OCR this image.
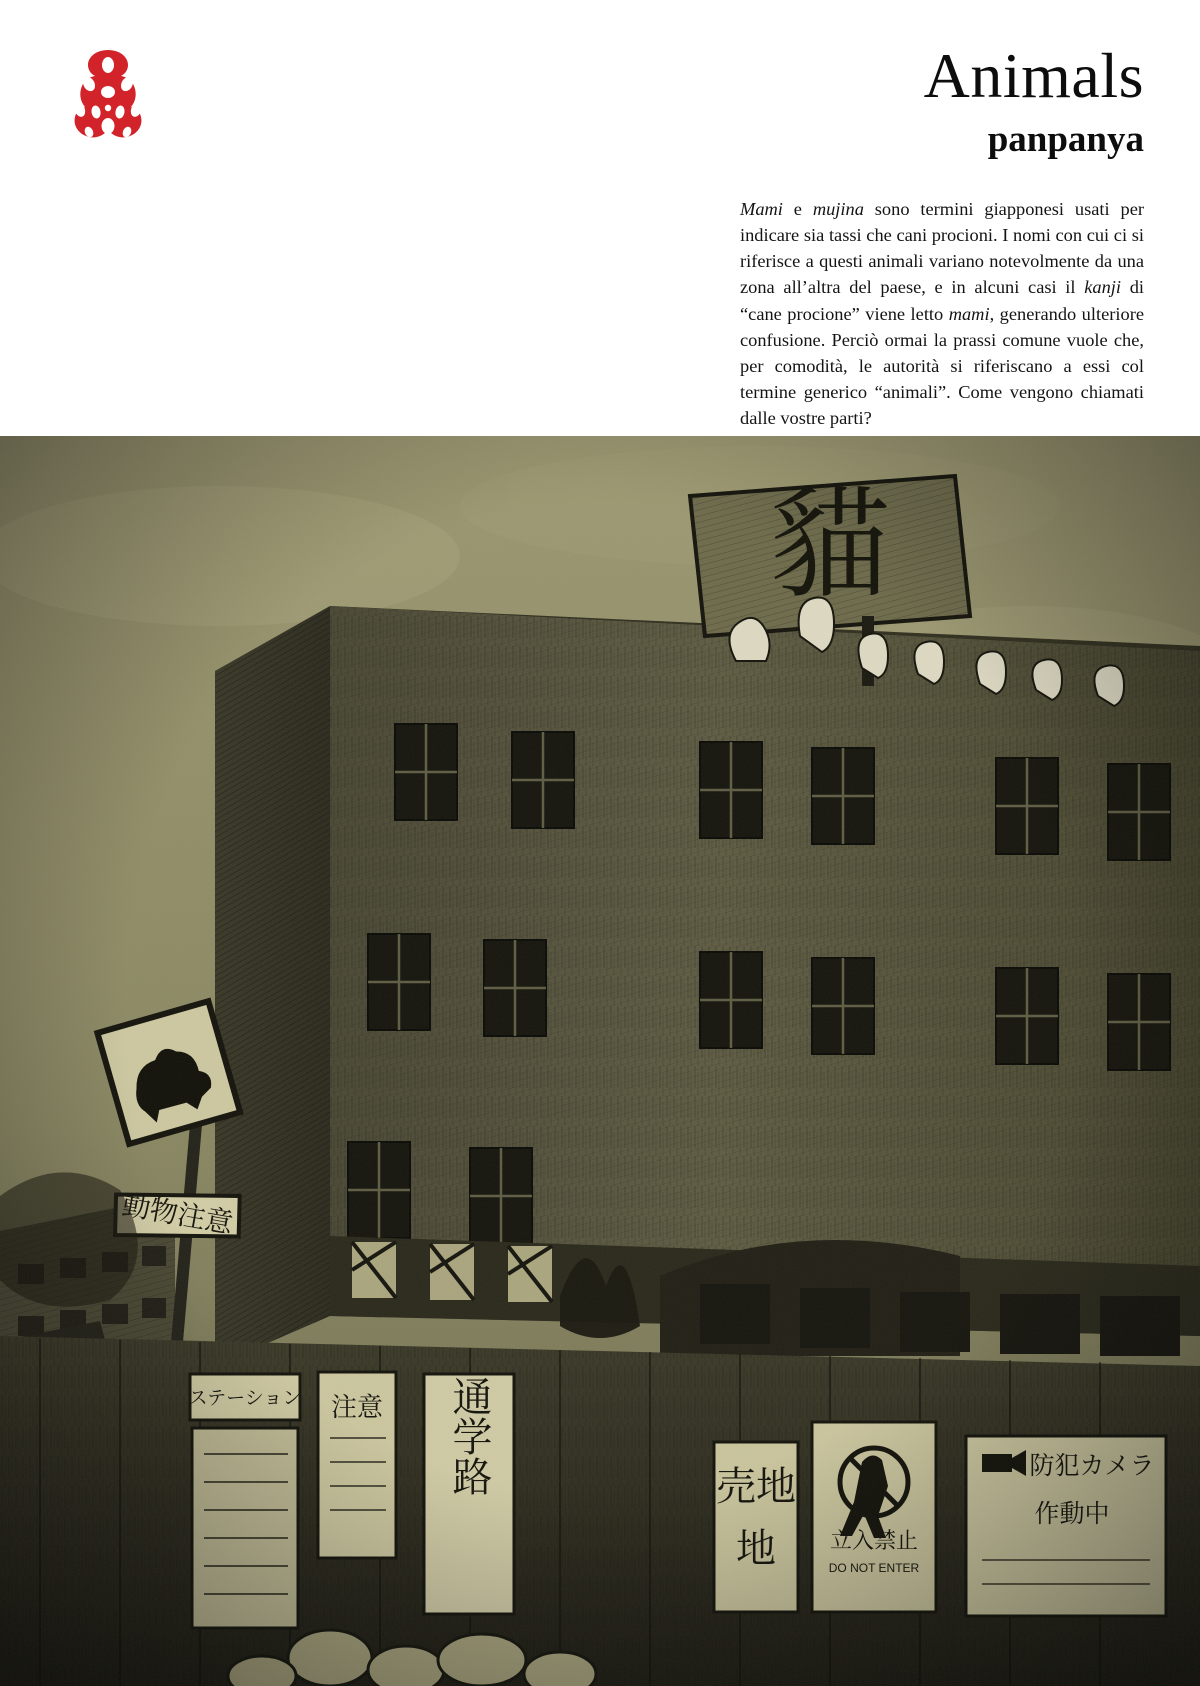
Animals
panpanya
Mami e mujina sono termini giapponesi usati per indicare sia tassi che cani procioni. I nomi con cui ci si riferisce a questi animali variano notevolmente da una zona all’altra del paese, e in alcuni casi il kanji di “cane procione” viene letto mami, generando ulteriore confusione. Perciò ormai la prassi comune vuole che, per comodità, le autorità si riferiscano a essi col termine generico “animali”. Come vengono chiamati dalle vostre parti?
